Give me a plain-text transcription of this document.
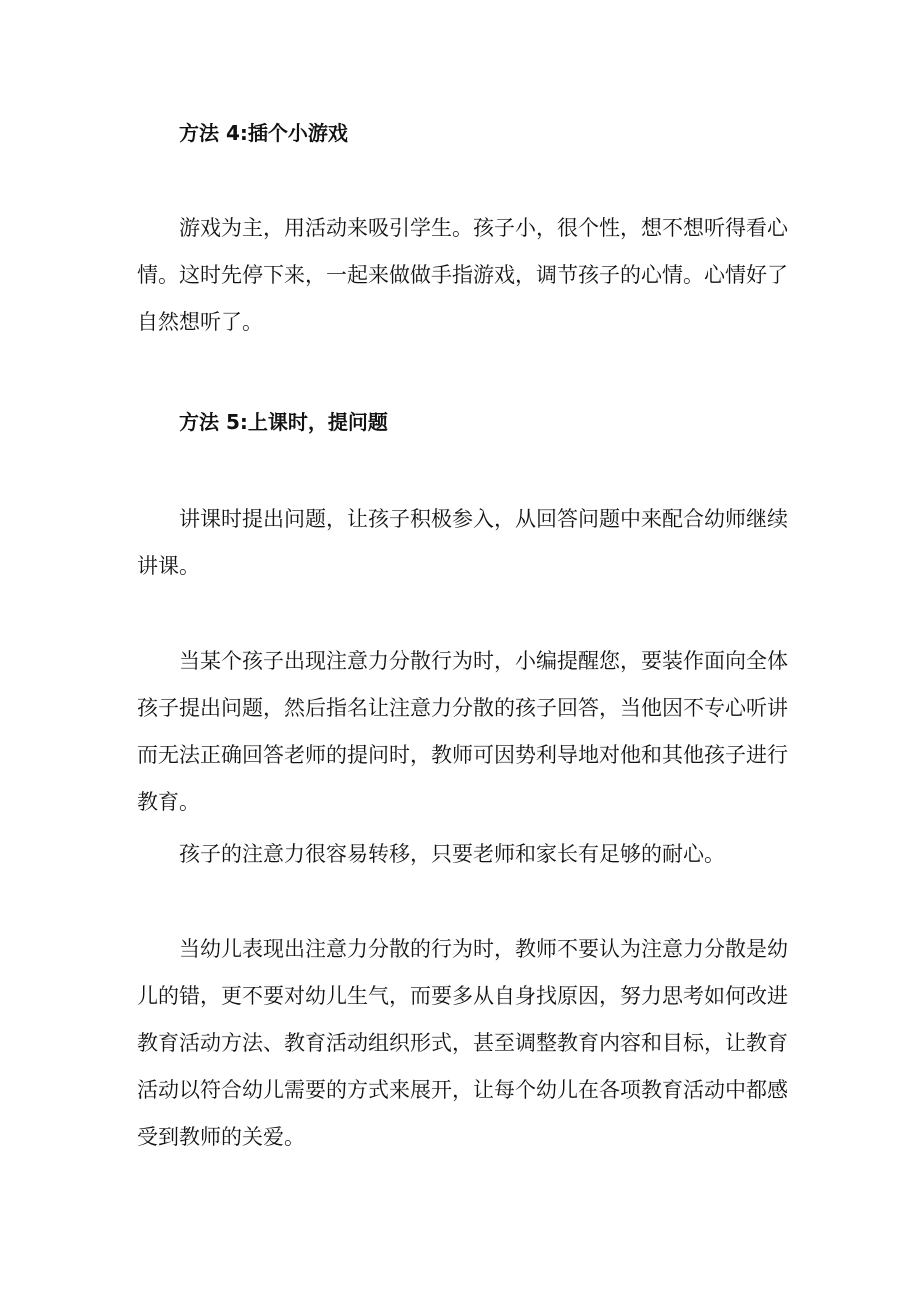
方法 4:插个小游戏
游戏为主，用活动来吸引学生。孩子小，很个性，想不想听得看心情。这时先停下来，一起来做做手指游戏，调节孩子的心情。心情好了自然想听了。
方法 5:上课时，提问题
讲课时提出问题，让孩子积极参入，从回答问题中来配合幼师继续讲课。
当某个孩子出现注意力分散行为时，小编提醒您，要装作面向全体孩子提出问题，然后指名让注意力分散的孩子回答，当他因不专心听讲而无法正确回答老师的提问时，教师可因势利导地对他和其他孩子进行教育。
孩子的注意力很容易转移，只要老师和家长有足够的耐心。
当幼儿表现出注意力分散的行为时，教师不要认为注意力分散是幼儿的错，更不要对幼儿生气，而要多从自身找原因，努力思考如何改进教育活动方法、教育活动组织形式，甚至调整教育内容和目标，让教育活动以符合幼儿需要的方式来展开，让每个幼儿在各项教育活动中都感受到教师的关爱。
